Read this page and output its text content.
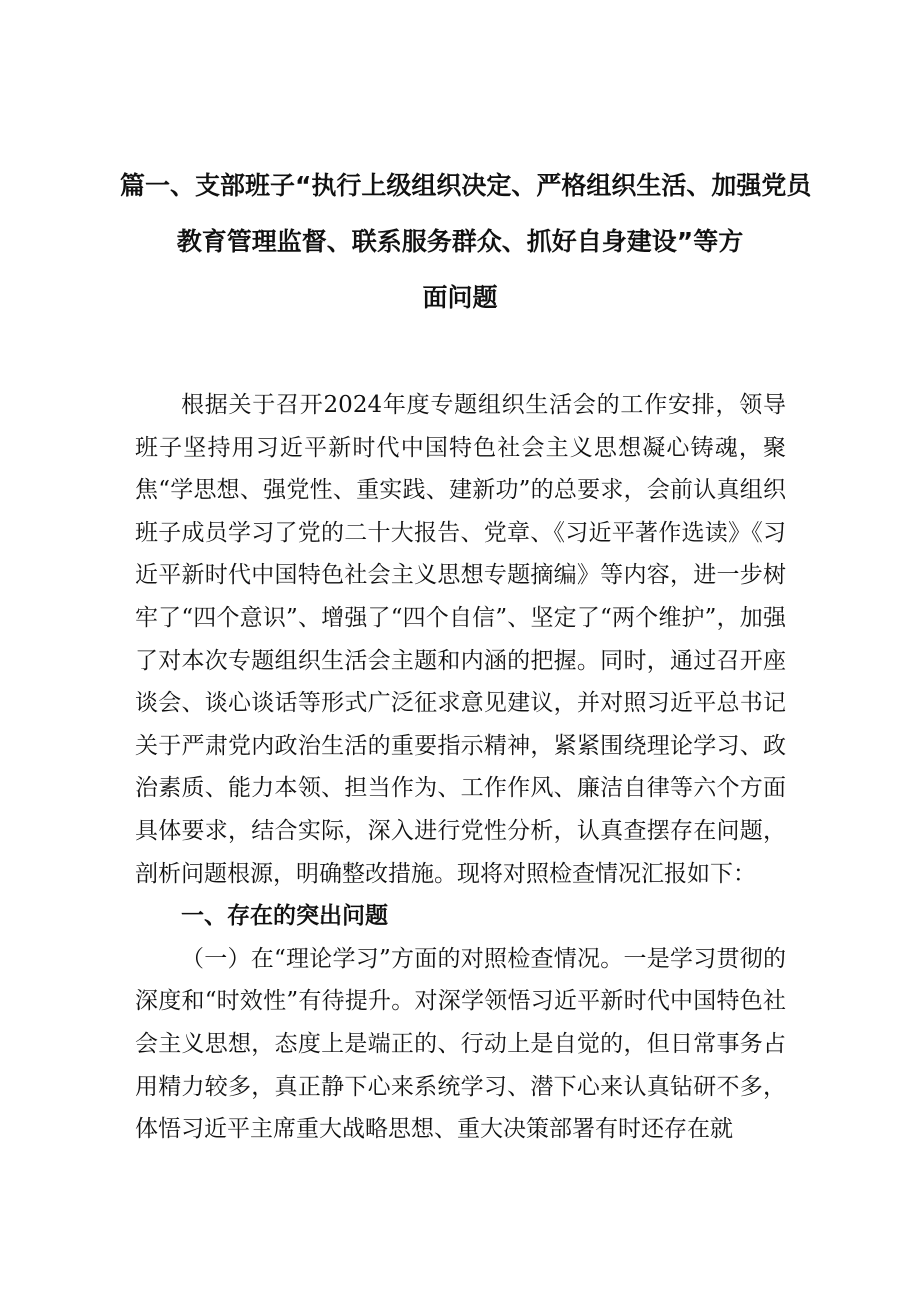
篇一、支部班子“执行上级组织决定、严格组织生活、加强党员
教育管理监督、联系服务群众、抓好自身建设”等方
面问题

根据关于召开2024年度专题组织生活会的工作安排，领导班子坚持用习近平新时代中国特色社会主义思想凝心铸魂，聚焦“学思想、强党性、重实践、建新功”的总要求，会前认真组织班子成员学习了党的二十大报告、党章、《习近平著作选读》《习近平新时代中国特色社会主义思想专题摘编》等内容，进一步树牢了“四个意识”、增强了“四个自信”、坚定了“两个维护”，加强了对本次专题组织生活会主题和内涵的把握。同时，通过召开座谈会、谈心谈话等形式广泛征求意见建议，并对照习近平总书记关于严肃党内政治生活的重要指示精神，紧紧围绕理论学习、政治素质、能力本领、担当作为、工作作风、廉洁自律等六个方面具体要求，结合实际，深入进行党性分析，认真查摆存在问题，剖析问题根源，明确整改措施。现将对照检查情况汇报如下：

一、存在的突出问题

（一）在“理论学习”方面的对照检查情况。一是学习贯彻的深度和“时效性”有待提升。对深学领悟习近平新时代中国特色社会主义思想，态度上是端正的、行动上是自觉的，但日常事务占用精力较多，真正静下心来系统学习、潜下心来认真钻研不多，体悟习近平主席重大战略思想、重大决策部署有时还存在就
